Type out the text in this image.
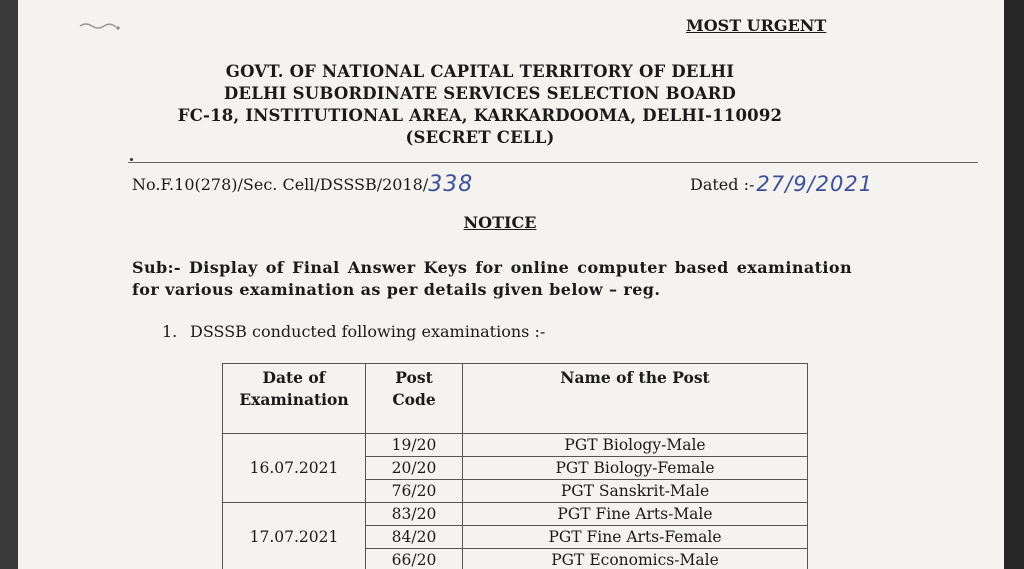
MOST URGENT
GOVT. OF NATIONAL CAPITAL TERRITORY OF DELHI
DELHI SUBORDINATE SERVICES SELECTION BOARD
FC-18, INSTITUTIONAL AREA, KARKARDOOMA, DELHI-110092
(SECRET CELL)
No.F.10(278)/Sec. Cell/DSSSB/2018/338	Dated :-27/9/2021
NOTICE
Sub:- Display of Final Answer Keys for online computer based examination for various examination as per details given below – reg.
1. DSSSB conducted following examinations :-
Date of Examination	Post Code	Name of the Post
16.07.2021	19/20	PGT Biology-Male
	20/20	PGT Biology-Female
	76/20	PGT Sanskrit-Male
17.07.2021	83/20	PGT Fine Arts-Male
	84/20	PGT Fine Arts-Female
	66/20	PGT Economics-Male
